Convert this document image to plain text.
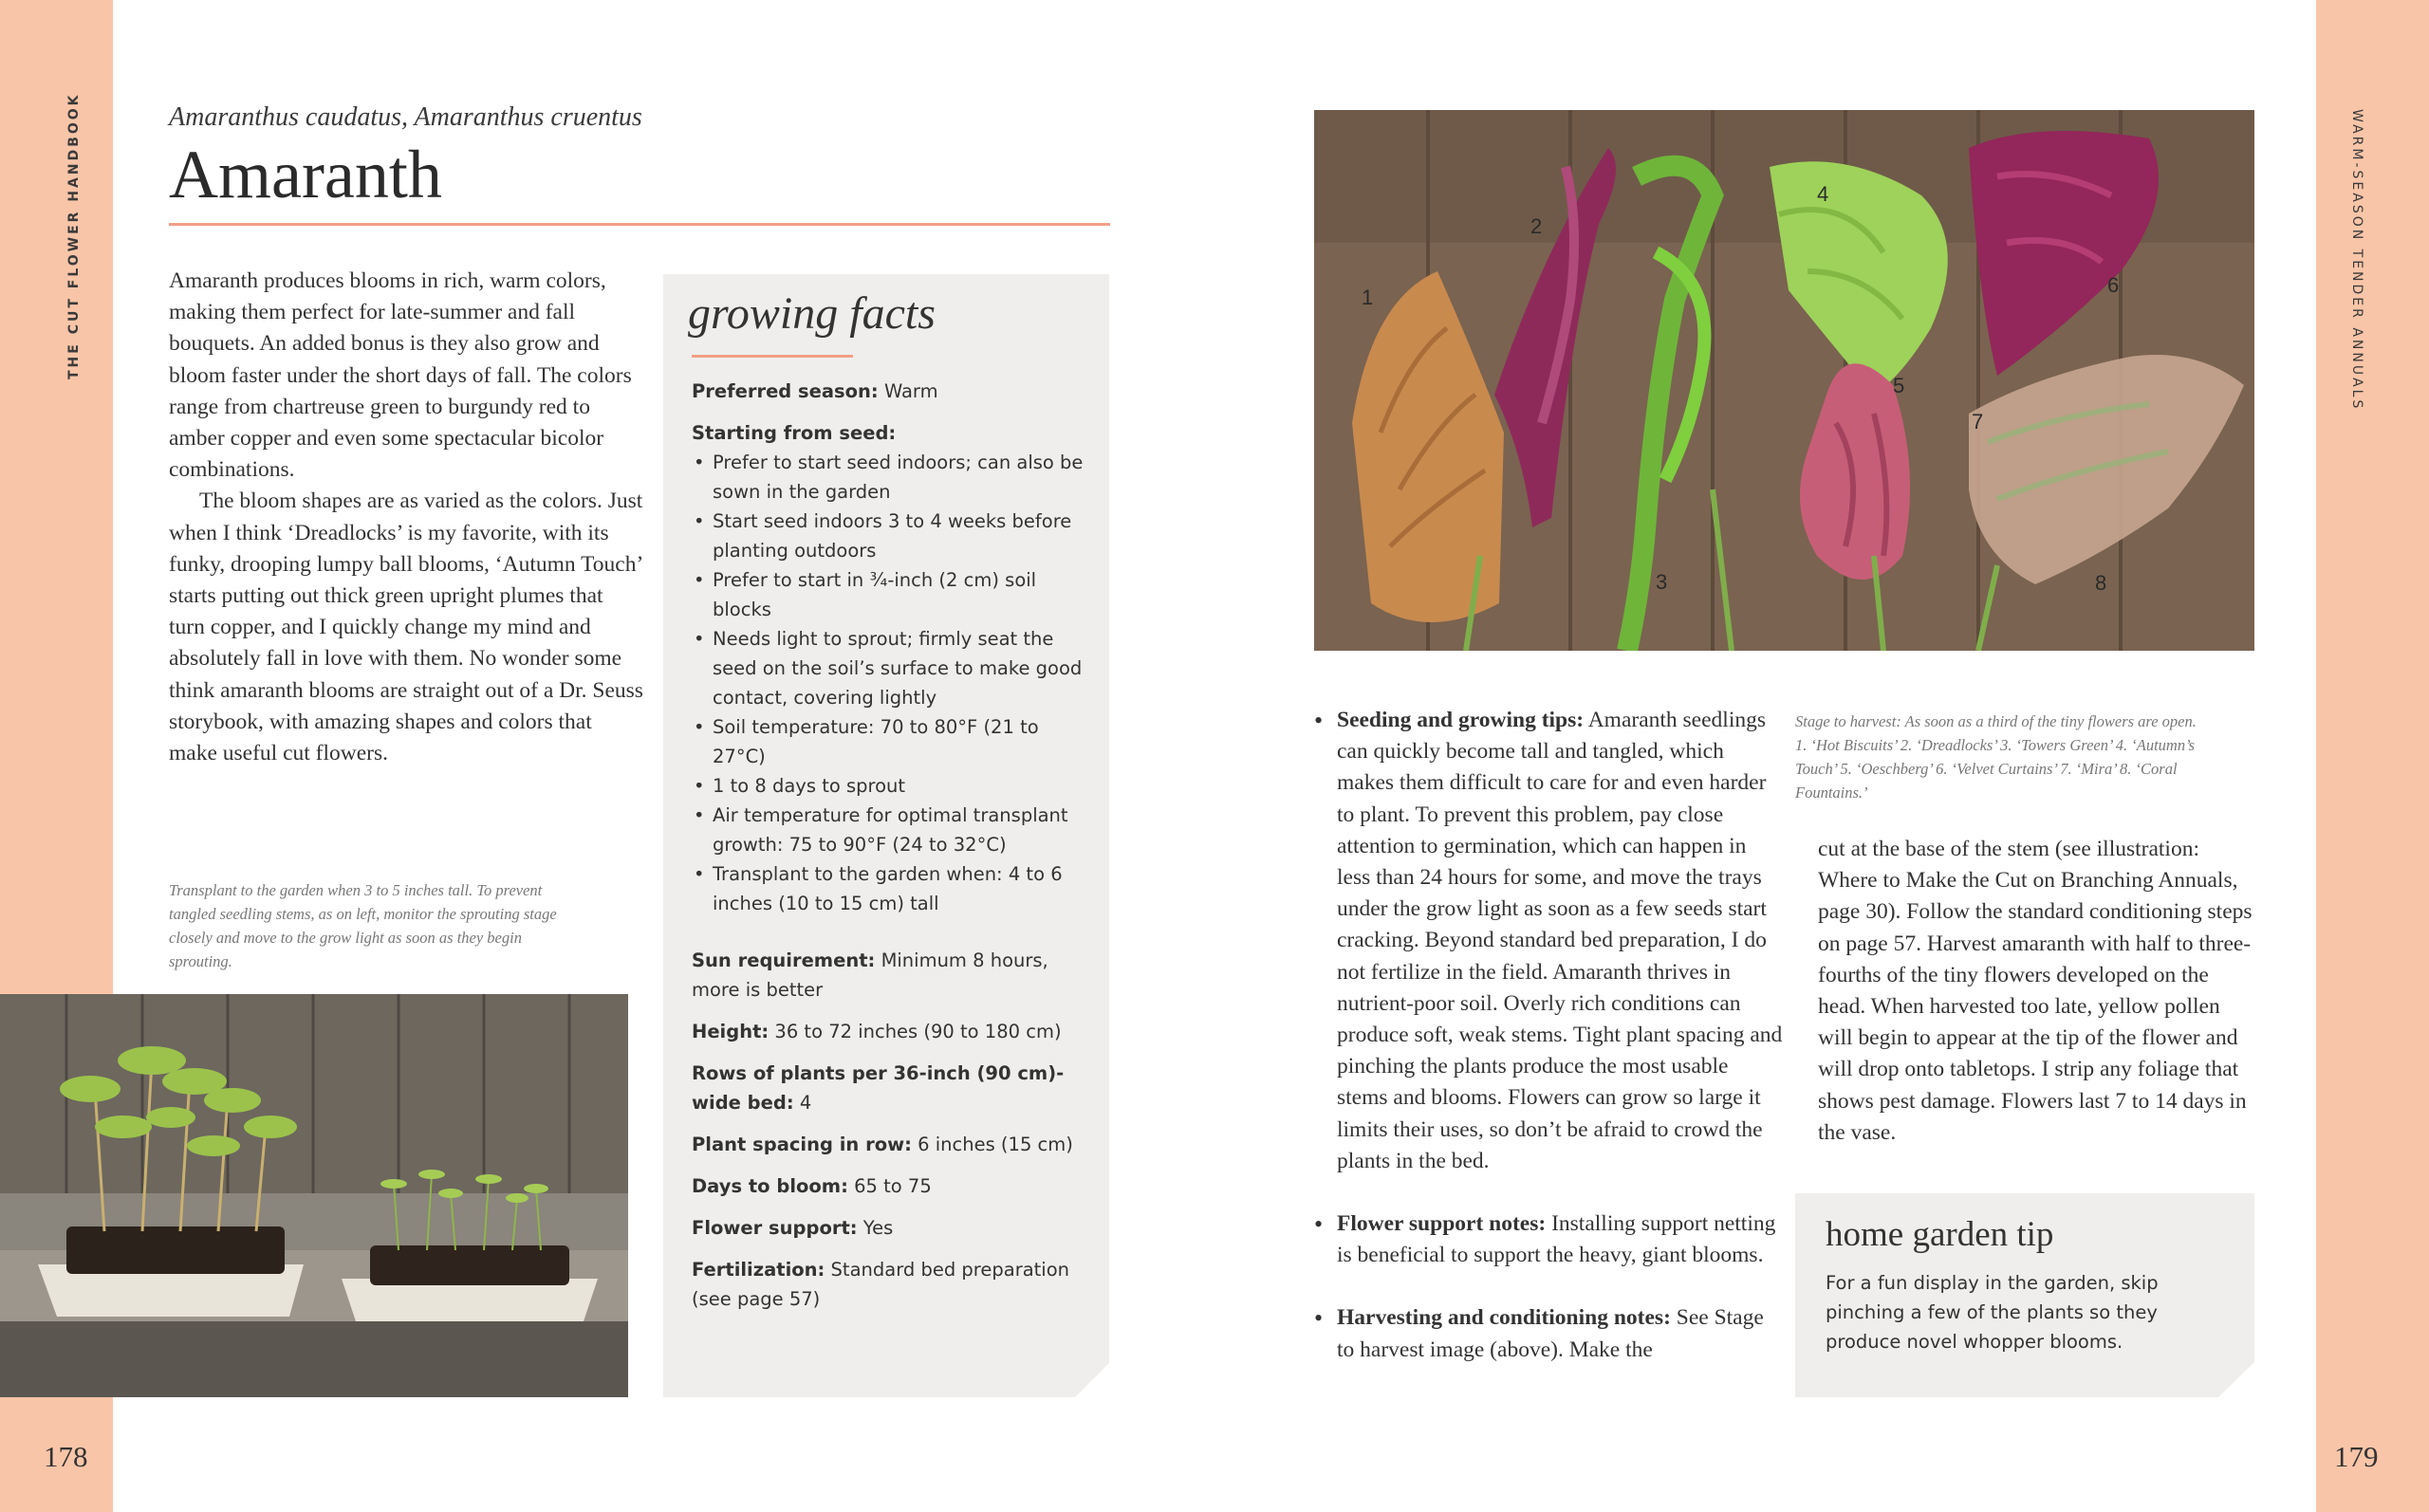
THE CUT FLOWER HANDBOOK	WARM-SEASON TENDER ANNUALS
178	179
Amaranthus caudatus, Amaranthus cruentus
Amaranth

Amaranth produces blooms in rich, warm colors, making them perfect for late-summer and fall bouquets. An added bonus is they also grow and bloom faster under the short days of fall. The colors range from chartreuse green to burgundy red to amber copper and even some spectacular bicolor combinations.

The bloom shapes are as varied as the colors. Just when I think ‘Dreadlocks’ is my favorite, with its funky, drooping lumpy ball blooms, ‘Autumn Touch’ starts putting out thick green upright plumes that turn copper, and I quickly change my mind and absolutely fall in love with them. No wonder some think amaranth blooms are straight out of a Dr. Seuss storybook, with amazing shapes and colors that make useful cut flowers.

Transplant to the garden when 3 to 5 inches tall. To prevent tangled seedling stems, as on left, monitor the sprouting stage closely and move to the grow light as soon as they begin sprouting.
growing facts
Preferred season: Warm
Starting from seed:
• Prefer to start seed indoors; can also be sown in the garden
• Start seed indoors 3 to 4 weeks before planting outdoors
• Prefer to start in ¾-inch (2 cm) soil blocks
• Needs light to sprout; firmly seat the seed on the soil’s surface to make good contact, covering lightly
• Soil temperature: 70 to 80°F (21 to 27°C)
• 1 to 8 days to sprout
• Air temperature for optimal transplant growth: 75 to 90°F (24 to 32°C)
• Transplant to the garden when: 4 to 6 inches (10 to 15 cm) tall
Sun requirement: Minimum 8 hours, more is better
Height: 36 to 72 inches (90 to 180 cm)
Rows of plants per 36-inch (90 cm)-wide bed: 4
Plant spacing in row: 6 inches (15 cm)
Days to bloom: 65 to 75
Flower support: Yes
Fertilization: Standard bed preparation (see page 57)
1
2
3
4
5
6
7
8
Stage to harvest: As soon as a third of the tiny flowers are open. 1. ‘Hot Biscuits’ 2. ‘Dreadlocks’ 3. ‘Towers Green’ 4. ‘Autumn’s Touch’ 5. ‘Oeschberg’ 6. ‘Velvet Curtains’ 7. ‘Mira’ 8. ‘Coral Fountains.’
• Seeding and growing tips: Amaranth seedlings can quickly become tall and tangled, which makes them difficult to care for and even harder to plant. To prevent this problem, pay close attention to germination, which can happen in less than 24 hours for some, and move the trays under the grow light as soon as a few seeds start cracking. Beyond standard bed preparation, I do not fertilize in the field. Amaranth thrives in nutrient-poor soil. Overly rich conditions can produce soft, weak stems. Tight plant spacing and pinching the plants produce the most usable stems and blooms. Flowers can grow so large it limits their uses, so don’t be afraid to crowd the plants in the bed.
• Flower support notes: Installing support netting is beneficial to support the heavy, giant blooms.
• Harvesting and conditioning notes: See Stage to harvest image (above). Make the
cut at the base of the stem (see illustration: Where to Make the Cut on Branching Annuals, page 30). Follow the standard conditioning steps on page 57. Harvest amaranth with half to three-fourths of the tiny flowers developed on the head. When harvested too late, yellow pollen will begin to appear at the tip of the flower and will drop onto tabletops. I strip any foliage that shows pest damage. Flowers last 7 to 14 days in the vase.
home garden tip
For a fun display in the garden, skip pinching a few of the plants so they produce novel whopper blooms.
